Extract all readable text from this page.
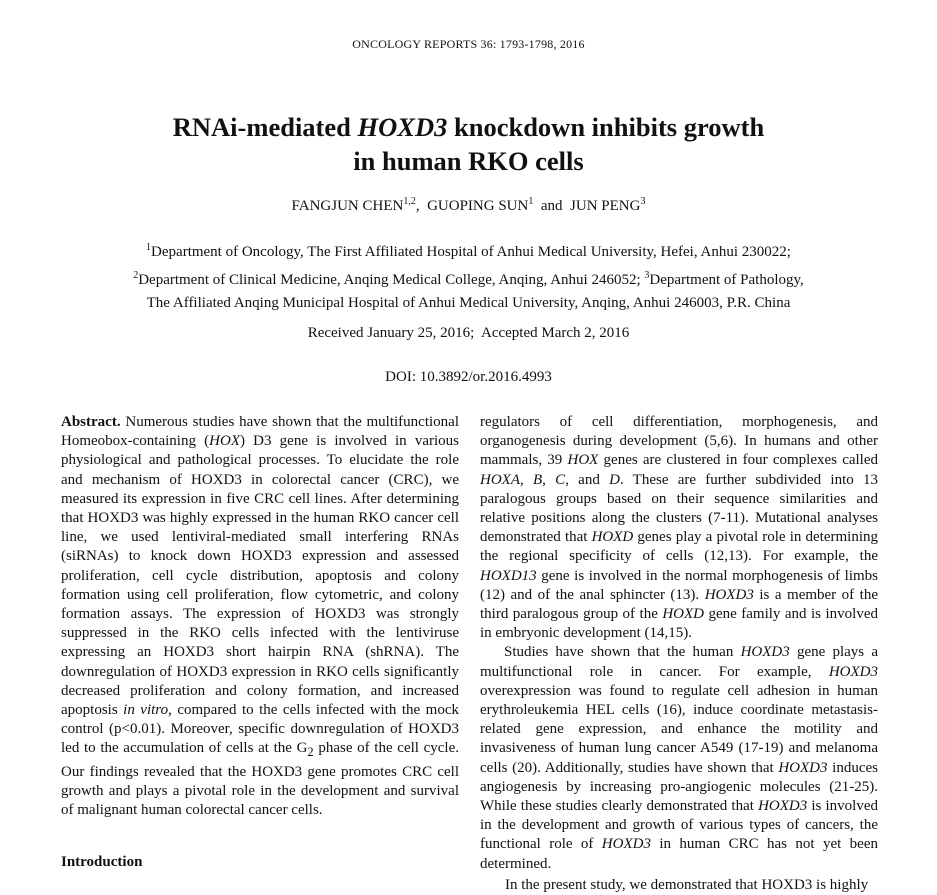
ONCOLOGY REPORTS 36: 1793-1798, 2016
RNAi-mediated HOXD3 knockdown inhibits growth
in human RKO cells
FANGJUN CHEN$^{1,2}$,  GUOPING SUN$^1$  and  JUN PENG$^3$
$^1$Department of Oncology, The First Affiliated Hospital of Anhui Medical University, Hefei, Anhui 230022;
$^2$Department of Clinical Medicine, Anqing Medical College, Anqing, Anhui 246052; $^3$Department of Pathology,
The Affiliated Anqing Municipal Hospital of Anhui Medical University, Anqing, Anhui 246003, P.R. China
Received January 25, 2016;  Accepted March 2, 2016
DOI: 10.3892/or.2016.4993

Abstract. Numerous studies have shown that the multifunctional Homeobox-containing (HOX) D3 gene is involved in various physiological and pathological processes. To elucidate the role and mechanism of HOXD3 in colorectal cancer (CRC), we measured its expression in five CRC cell lines. After determining that HOXD3 was highly expressed in the human RKO cancer cell line, we used lentiviral-mediated small interfering RNAs (siRNAs) to knock down HOXD3 expression and assessed proliferation, cell cycle distribution, apoptosis and colony formation using cell proliferation, flow cytometric, and colony formation assays. The expression of HOXD3 was strongly suppressed in the RKO cells infected with the lentiviruse expressing an HOXD3 short hairpin RNA (shRNA). The downregulation of HOXD3 expression in RKO cells significantly decreased proliferation and colony formation, and increased apoptosis in vitro, compared to the cells infected with the mock control (p<0.01). Moreover, specific downregulation of HOXD3 led to the accumulation of cells at the $G_2$ phase of the cell cycle. Our findings revealed that the HOXD3 gene promotes CRC cell growth and plays a pivotal role in the development and survival of malignant human colorectal cancer cells.

Introduction

regulators of cell differentiation, morphogenesis, and organogenesis during development (5,6). In humans and other mammals, 39 HOX genes are clustered in four complexes called HOXA, B, C, and D. These are further subdivided into 13 paralogous groups based on their sequence similarities and relative positions along the clusters (7-11). Mutational analyses demonstrated that HOXD genes play a pivotal role in determining the regional specificity of cells (12,13). For example, the HOXD13 gene is involved in the normal morphogenesis of limbs (12) and of the anal sphincter (13). HOXD3 is a member of the third paralogous group of the HOXD gene family and is involved in embryonic development (14,15).

Studies have shown that the human HOXD3 gene plays a multifunctional role in cancer. For example, HOXD3 overexpression was found to regulate cell adhesion in human erythroleukemia HEL cells (16), induce coordinate metastasis-related gene expression, and enhance the motility and invasiveness of human lung cancer A549 (17-19) and melanoma cells (20). Additionally, studies have shown that HOXD3 induces angiogenesis by increasing pro-angiogenic molecules (21-25). While these studies clearly demonstrated that HOXD3 is involved in the development and growth of various types of cancers, the functional role of HOXD3 in human CRC has not yet been determined.

In the present study, we demonstrated that HOXD3 is highly
